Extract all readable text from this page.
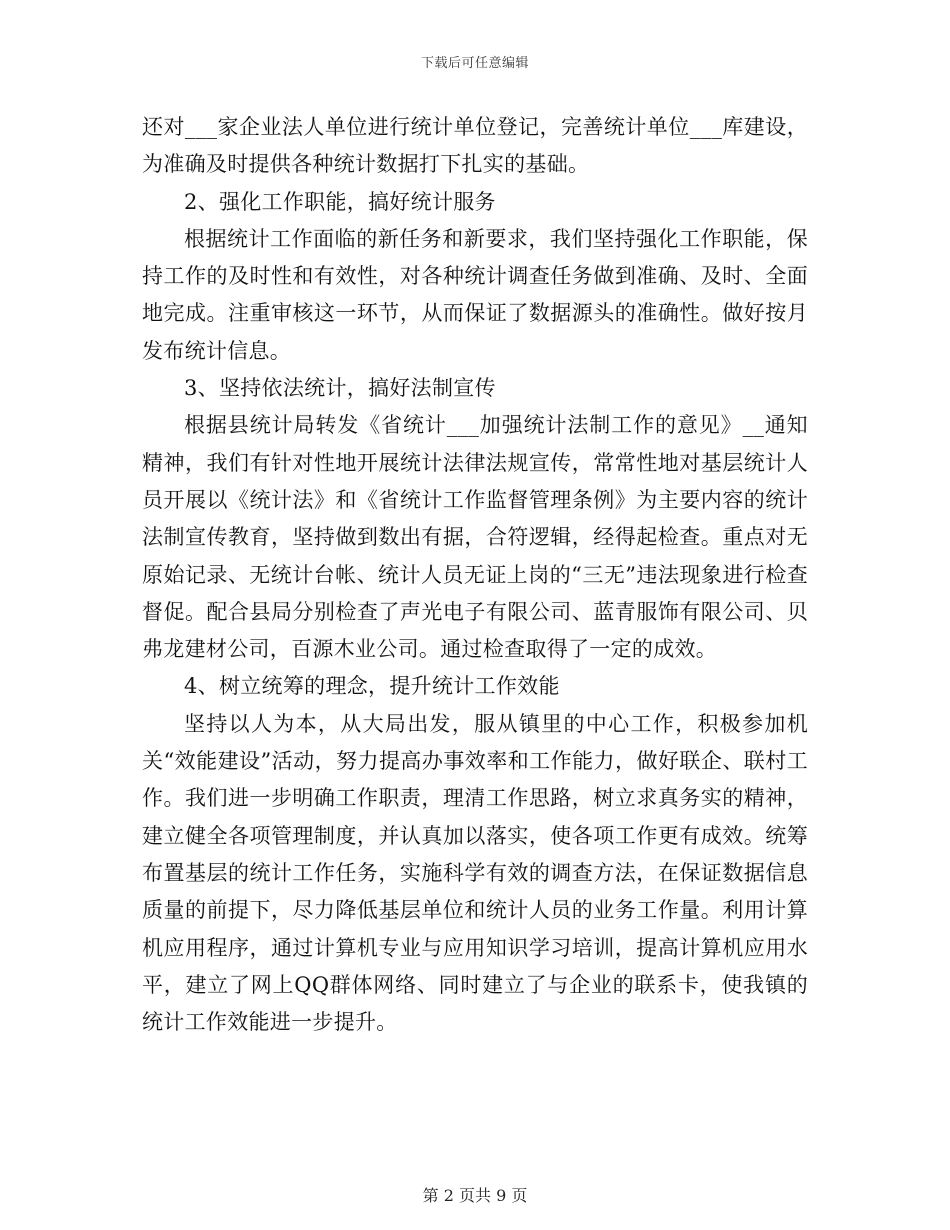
下载后可任意编辑

还对___家企业法人单位进行统计单位登记，完善统计单位___库建设，为准确及时提供各种统计数据打下扎实的基础。

2、强化工作职能，搞好统计服务

根据统计工作面临的新任务和新要求，我们坚持强化工作职能，保持工作的及时性和有效性，对各种统计调查任务做到准确、及时、全面地完成。注重审核这一环节，从而保证了数据源头的准确性。做好按月发布统计信息。

3、坚持依法统计，搞好法制宣传

根据县统计局转发《省统计___加强统计法制工作的意见》__通知精神，我们有针对性地开展统计法律法规宣传，常常性地对基层统计人员开展以《统计法》和《省统计工作监督管理条例》为主要内容的统计法制宣传教育，坚持做到数出有据，合符逻辑，经得起检查。重点对无原始记录、无统计台帐、统计人员无证上岗的“三无”违法现象进行检查督促。配合县局分别检查了声光电子有限公司、蓝青服饰有限公司、贝弗龙建材公司，百源木业公司。通过检查取得了一定的成效。

4、树立统筹的理念，提升统计工作效能

坚持以人为本，从大局出发，服从镇里的中心工作，积极参加机关“效能建设”活动，努力提高办事效率和工作能力，做好联企、联村工作。我们进一步明确工作职责，理清工作思路，树立求真务实的精神，建立健全各项管理制度，并认真加以落实，使各项工作更有成效。统筹布置基层的统计工作任务，实施科学有效的调查方法，在保证数据信息质量的前提下，尽力降低基层单位和统计人员的业务工作量。利用计算机应用程序，通过计算机专业与应用知识学习培训，提高计算机应用水平，建立了网上QQ群体网络、同时建立了与企业的联系卡，使我镇的统计工作效能进一步提升。

第 2 页共 9 页
